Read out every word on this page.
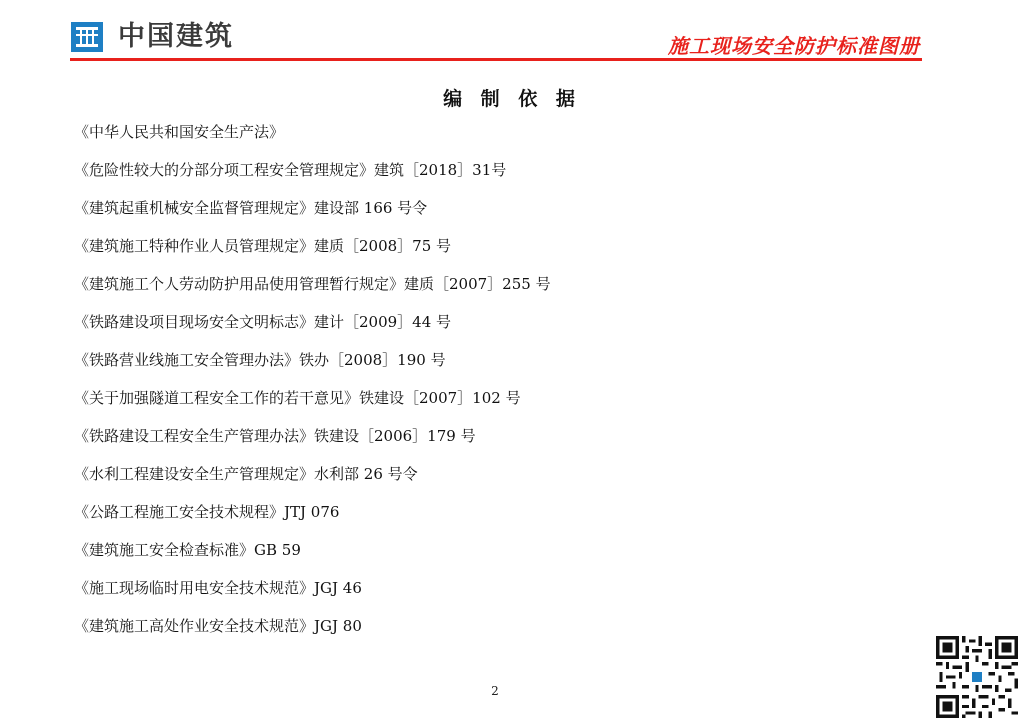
中国建筑	施工现场安全防护标准图册
编 制 依 据
《中华人民共和国安全生产法》
《危险性较大的分部分项工程安全管理规定》建筑［2018］31号
《建筑起重机械安全监督管理规定》建设部 166 号令
《建筑施工特种作业人员管理规定》建质［2008］75 号
《建筑施工个人劳动防护用品使用管理暂行规定》建质［2007］255 号
《铁路建设项目现场安全文明标志》建计［2009］44 号
《铁路营业线施工安全管理办法》铁办［2008］190 号
《关于加强隧道工程安全工作的若干意见》铁建设［2007］102 号
《铁路建设工程安全生产管理办法》铁建设［2006］179 号
《水利工程建设安全生产管理规定》水利部 26 号令
《公路工程施工安全技术规程》JTJ 076
《建筑施工安全检查标准》GB 59
《施工现场临时用电安全技术规范》JGJ 46
《建筑施工高处作业安全技术规范》JGJ 80
2
